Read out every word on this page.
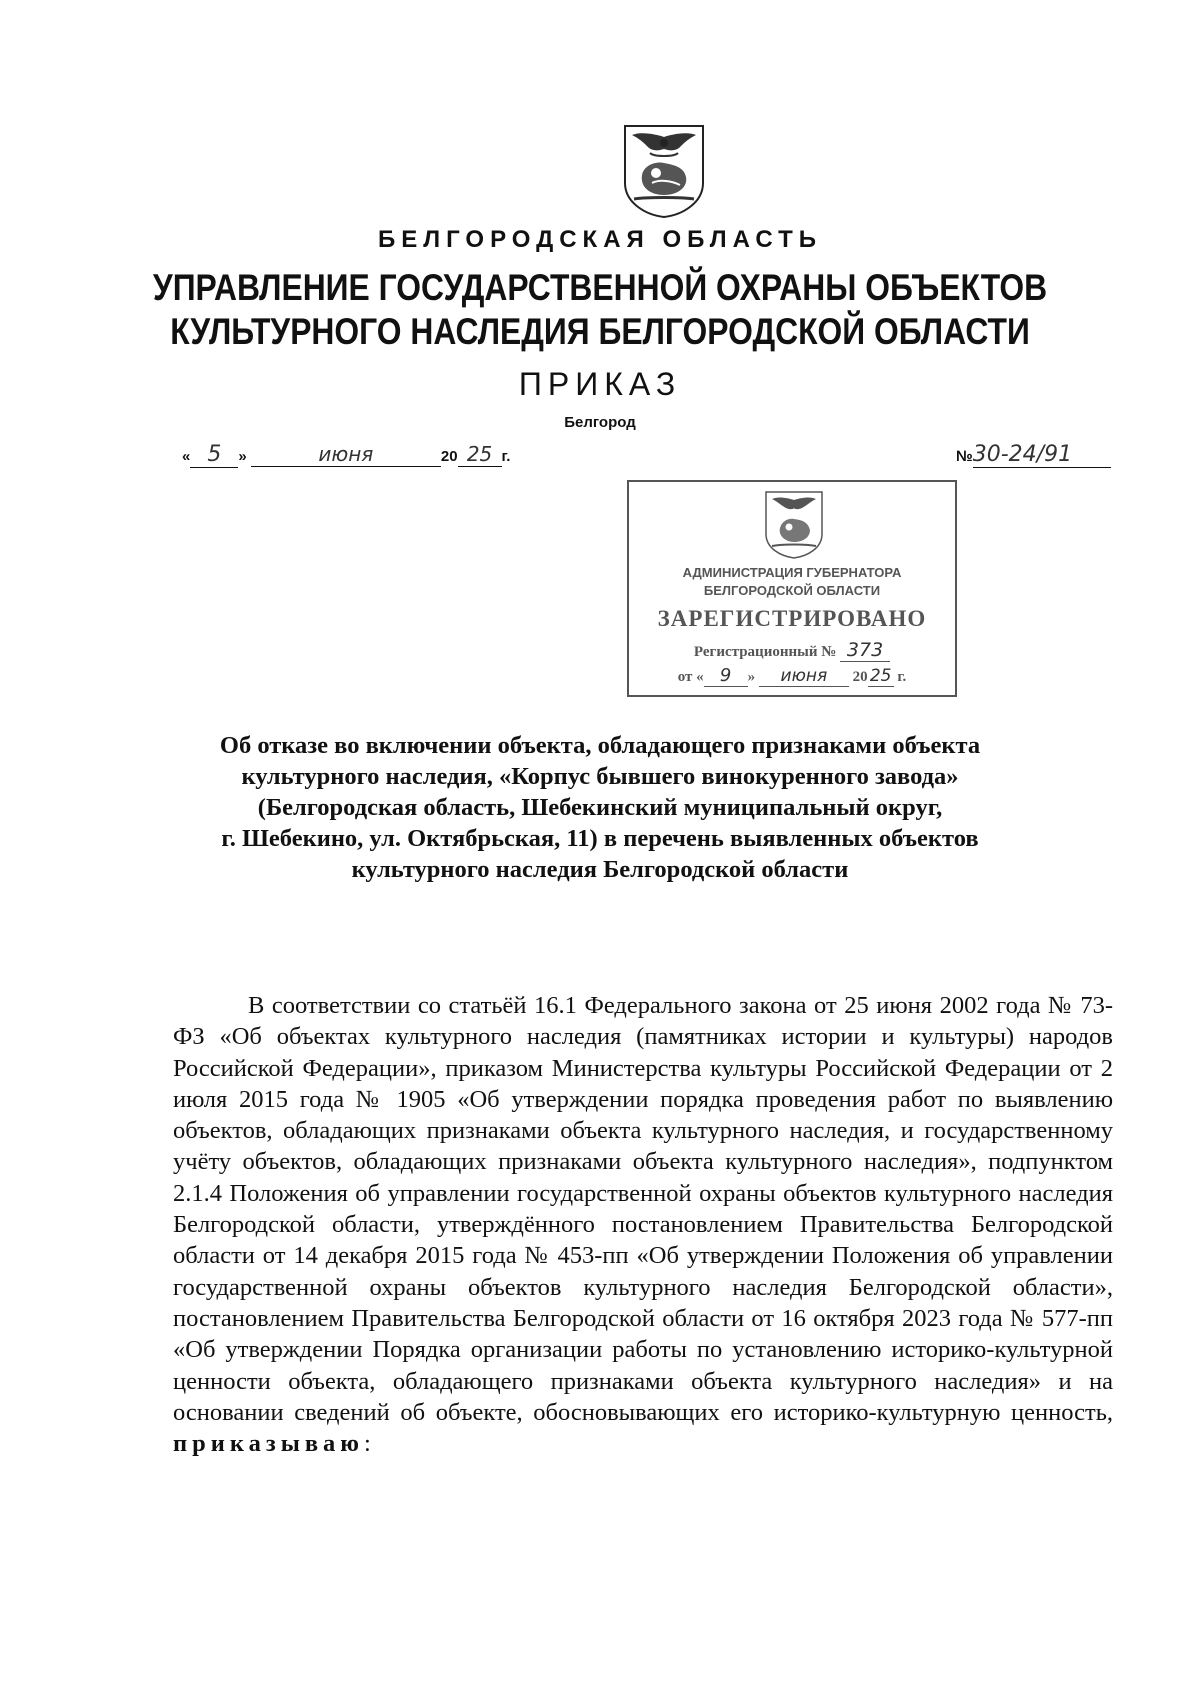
БЕЛГОРОДСКАЯ ОБЛАСТЬ
УПРАВЛЕНИЕ ГОСУДАРСТВЕННОЙ ОХРАНЫ ОБЪЕКТОВ
КУЛЬТУРНОГО НАСЛЕДИЯ БЕЛГОРОДСКОЙ ОБЛАСТИ
ПРИКАЗ
Белгород
« 5 »	июня	20 25 г.	№30-24/91
АДМИНИСТРАЦИЯ ГУБЕРНАТОРА
БЕЛГОРОДСКОЙ ОБЛАСТИ
ЗАРЕГИСТРИРОВАНО
Регистрационный № 373
от « 9 » июня 20 25 г.
Об отказе во включении объекта, обладающего признаками объекта
культурного наследия, «Корпус бывшего винокуренного завода»
(Белгородская область, Шебекинский муниципальный округ,
г. Шебекино, ул. Октябрьская, 11) в перечень выявленных объектов
культурного наследия Белгородской области
В соответствии со статьёй 16.1 Федерального закона от 25 июня 2002 года № 73-ФЗ «Об объектах культурного наследия (памятниках истории и культуры) народов Российской Федерации», приказом Министерства культуры Российской Федерации от 2 июля 2015 года № 1905 «Об утверждении порядка проведения работ по выявлению объектов, обладающих признаками объекта культурного наследия, и государственному учёту объектов, обладающих признаками объекта культурного наследия», подпунктом 2.1.4 Положения об управлении государственной охраны объектов культурного наследия Белгородской области, утверждённого постановлением Правительства Белгородской области от 14 декабря 2015 года № 453-пп «Об утверждении Положения об управлении государственной охраны объектов культурного наследия Белгородской области», постановлением Правительства Белгородской области от 16 октября 2023 года № 577-пп «Об утверждении Порядка организации работы по установлению историко-культурной ценности объекта, обладающего признаками объекта культурного наследия» и на основании сведений об объекте, обосновывающих его историко-культурную ценность, приказываю:
